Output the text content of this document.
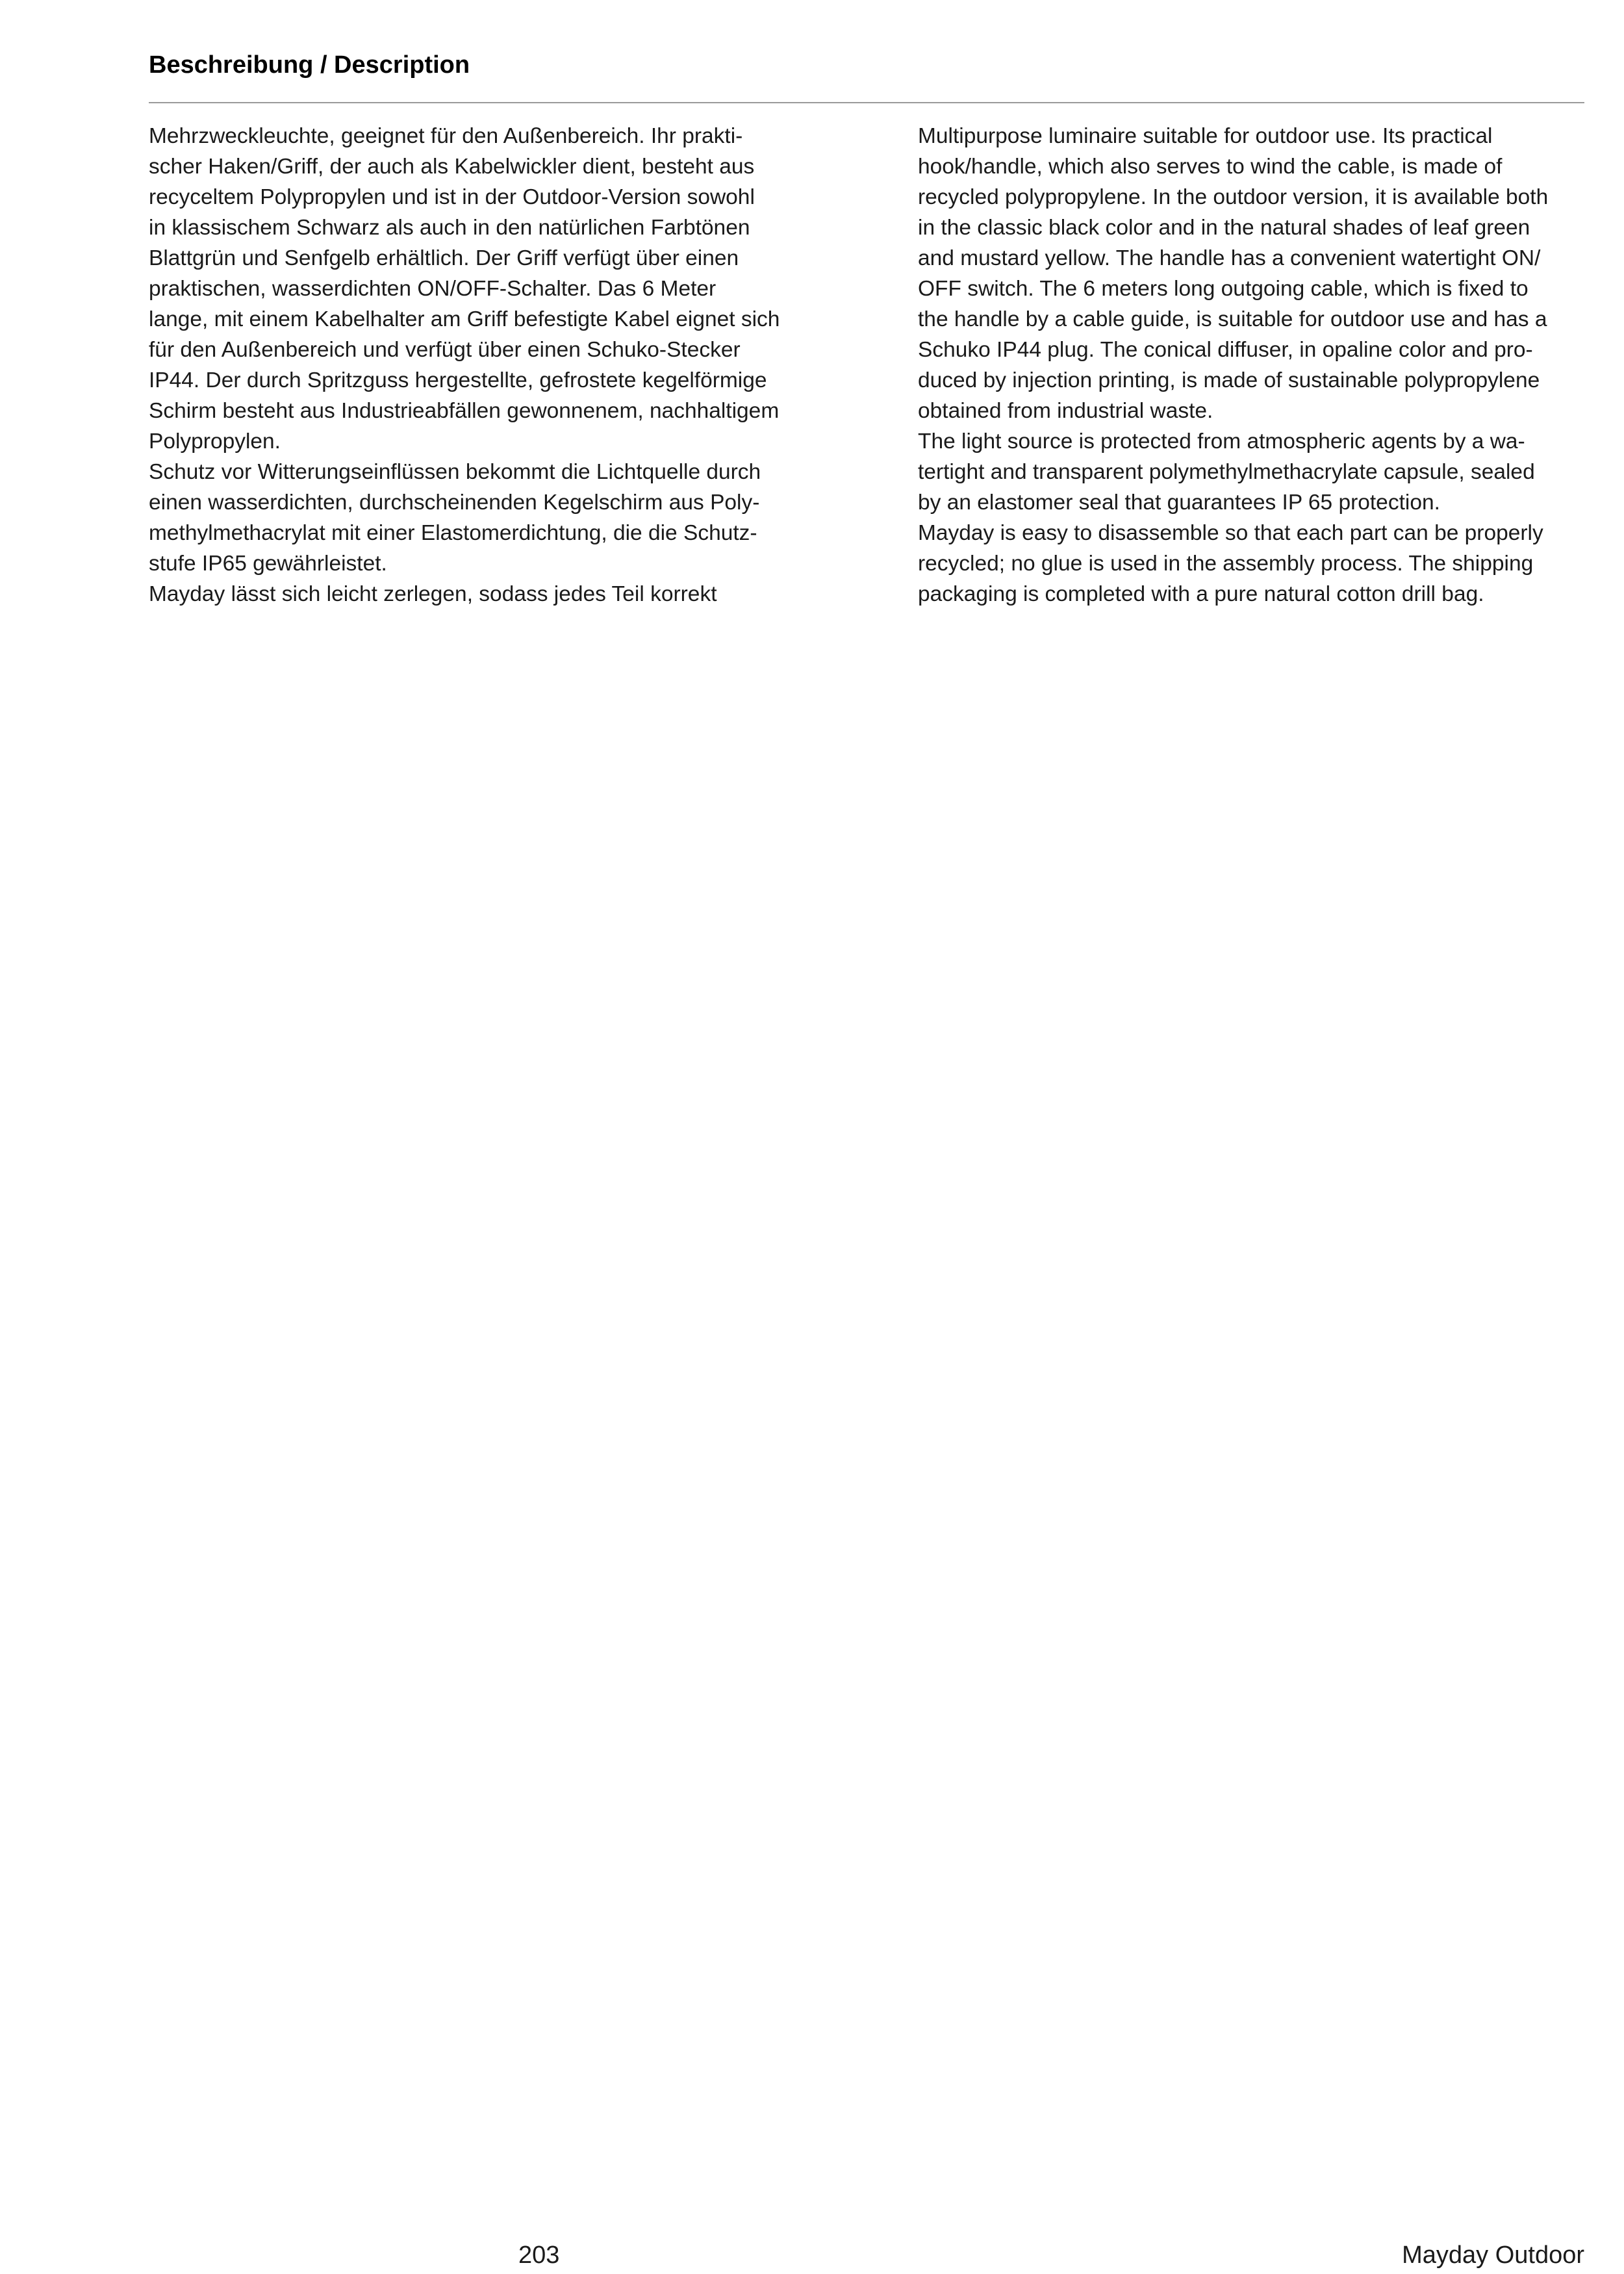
Beschreibung / Description
Mehrzweckleuchte, geeignet für den Außenbereich. Ihr prakti-
scher Haken/Griff, der auch als Kabelwickler dient, besteht aus
recyceltem Polypropylen und ist in der Outdoor-Version sowohl
in klassischem Schwarz als auch in den natürlichen Farbtönen
Blattgrün und Senfgelb erhältlich. Der Griff verfügt über einen
praktischen, wasserdichten ON/OFF-Schalter. Das 6 Meter
lange, mit einem Kabelhalter am Griff befestigte Kabel eignet sich
für den Außenbereich und verfügt über einen Schuko-Stecker
IP44. Der durch Spritzguss hergestellte, gefrostete kegelförmige
Schirm besteht aus Industrieabfällen gewonnenem, nachhaltigem
Polypropylen.
Schutz vor Witterungseinflüssen bekommt die Lichtquelle durch
einen wasserdichten, durchscheinenden Kegelschirm aus Poly-
methylmethacrylat mit einer Elastomerdichtung, die die Schutz-
stufe IP65 gewährleistet.
Mayday lässt sich leicht zerlegen, sodass jedes Teil korrekt
Multipurpose luminaire suitable for outdoor use. Its practical
hook/handle, which also serves to wind the cable, is made of
recycled polypropylene. In the outdoor version, it is available both
in the classic black color and in the natural shades of leaf green
and mustard yellow. The handle has a convenient watertight ON/
OFF switch. The 6 meters long outgoing cable, which is fixed to
the handle by a cable guide, is suitable for outdoor use and has a
Schuko IP44 plug. The conical diffuser, in opaline color and pro-
duced by injection printing, is made of sustainable polypropylene
obtained from industrial waste.
The light source is protected from atmospheric agents by a wa-
tertight and transparent polymethylmethacrylate capsule, sealed
by an elastomer seal that guarantees IP 65 protection.
Mayday is easy to disassemble so that each part can be properly
recycled; no glue is used in the assembly process. The shipping
packaging is completed with a pure natural cotton drill bag.
203	Mayday Outdoor
